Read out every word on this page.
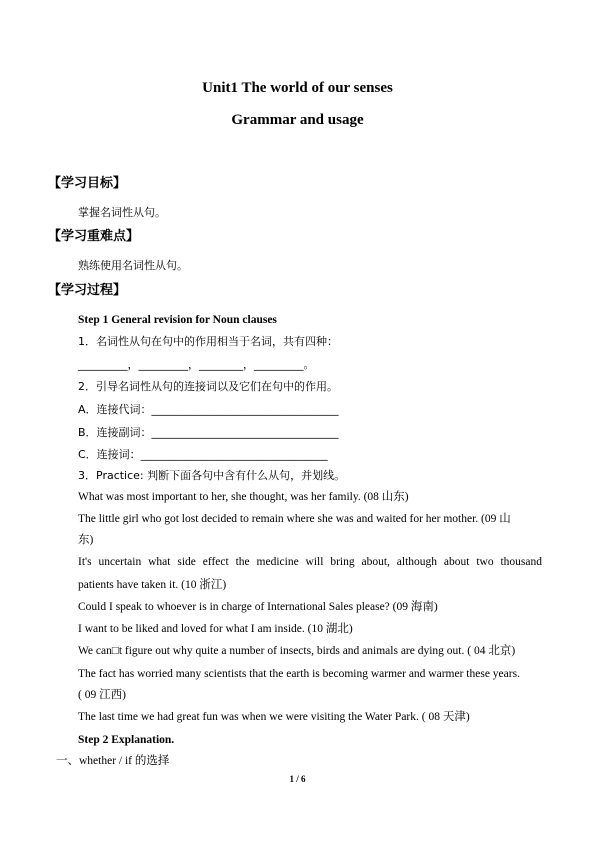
Unit1 The world of our senses
Grammar and usage
【学习目标】
掌握名词性从句。
【学习重难点】
熟练使用名词性从句。
【学习过程】
Step 1 General revision for Noun clauses
1．名词性从句在句中的作用相当于名词，共有四种：
_________，_________，________，_________。
2．引导名词性从句的连接词以及它们在句中的作用。
A．连接代词：__________________________________
B．连接副词：__________________________________
C．连接词：__________________________________
3．Practice: 判断下面各句中含有什么从句，并划线。
What was most important to her, she thought, was her family. (08 山东)
The little girl who got lost decided to remain where she was and waited for her mother. (09 山
东)
It's uncertain what side effect the medicine will bring about, although about two thousand
patients have taken it. (10 浙江)
Could I speak to whoever is in charge of International Sales please? (09 海南)
I want to be liked and loved for what I am inside. (10 湖北)
We can□t figure out why quite a number of insects, birds and animals are dying out. ( 04 北京)
The fact has worried many scientists that the earth is becoming warmer and warmer these years.
( 09 江西)
The last time we had great fun was when we were visiting the Water Park. ( 08 天津)
Step 2 Explanation.
一、whether / if 的选择
1 / 6
